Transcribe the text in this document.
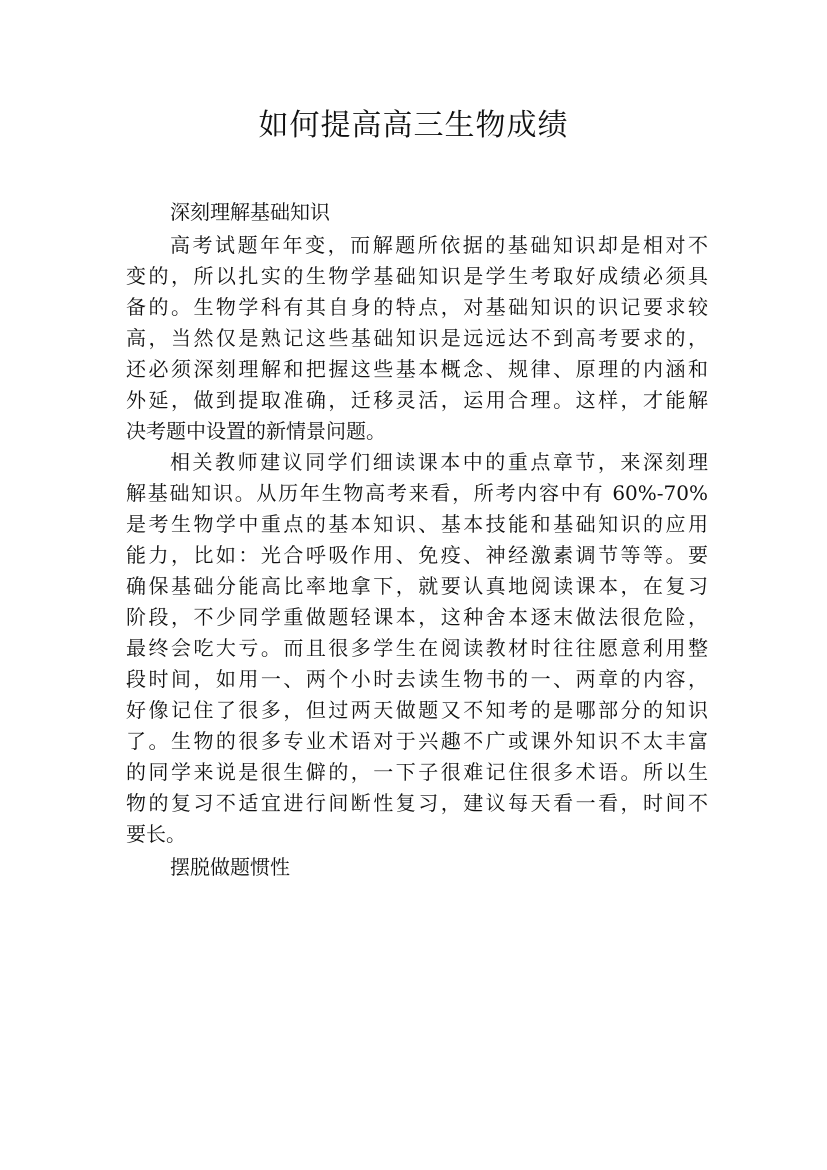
如何提高高三生物成绩

深刻理解基础知识

高考试题年年变，而解题所依据的基础知识却是相对不
变的，所以扎实的生物学基础知识是学生考取好成绩必须具
备的。生物学科有其自身的特点，对基础知识的识记要求较
高，当然仅是熟记这些基础知识是远远达不到高考要求的，
还必须深刻理解和把握这些基本概念、规律、原理的内涵和
外延，做到提取准确，迁移灵活，运用合理。这样，才能解
决考题中设置的新情景问题。

相关教师建议同学们细读课本中的重点章节，来深刻理
解基础知识。从历年生物高考来看，所考内容中有 60%-70%
是考生物学中重点的基本知识、基本技能和基础知识的应用
能力，比如：光合呼吸作用、免疫、神经激素调节等等。要
确保基础分能高比率地拿下，就要认真地阅读课本，在复习
阶段，不少同学重做题轻课本，这种舍本逐末做法很危险，
最终会吃大亏。而且很多学生在阅读教材时往往愿意利用整
段时间，如用一、两个小时去读生物书的一、两章的内容，
好像记住了很多，但过两天做题又不知考的是哪部分的知识
了。生物的很多专业术语对于兴趣不广或课外知识不太丰富
的同学来说是很生僻的，一下子很难记住很多术语。所以生
物的复习不适宜进行间断性复习，建议每天看一看，时间不
要长。

摆脱做题惯性
